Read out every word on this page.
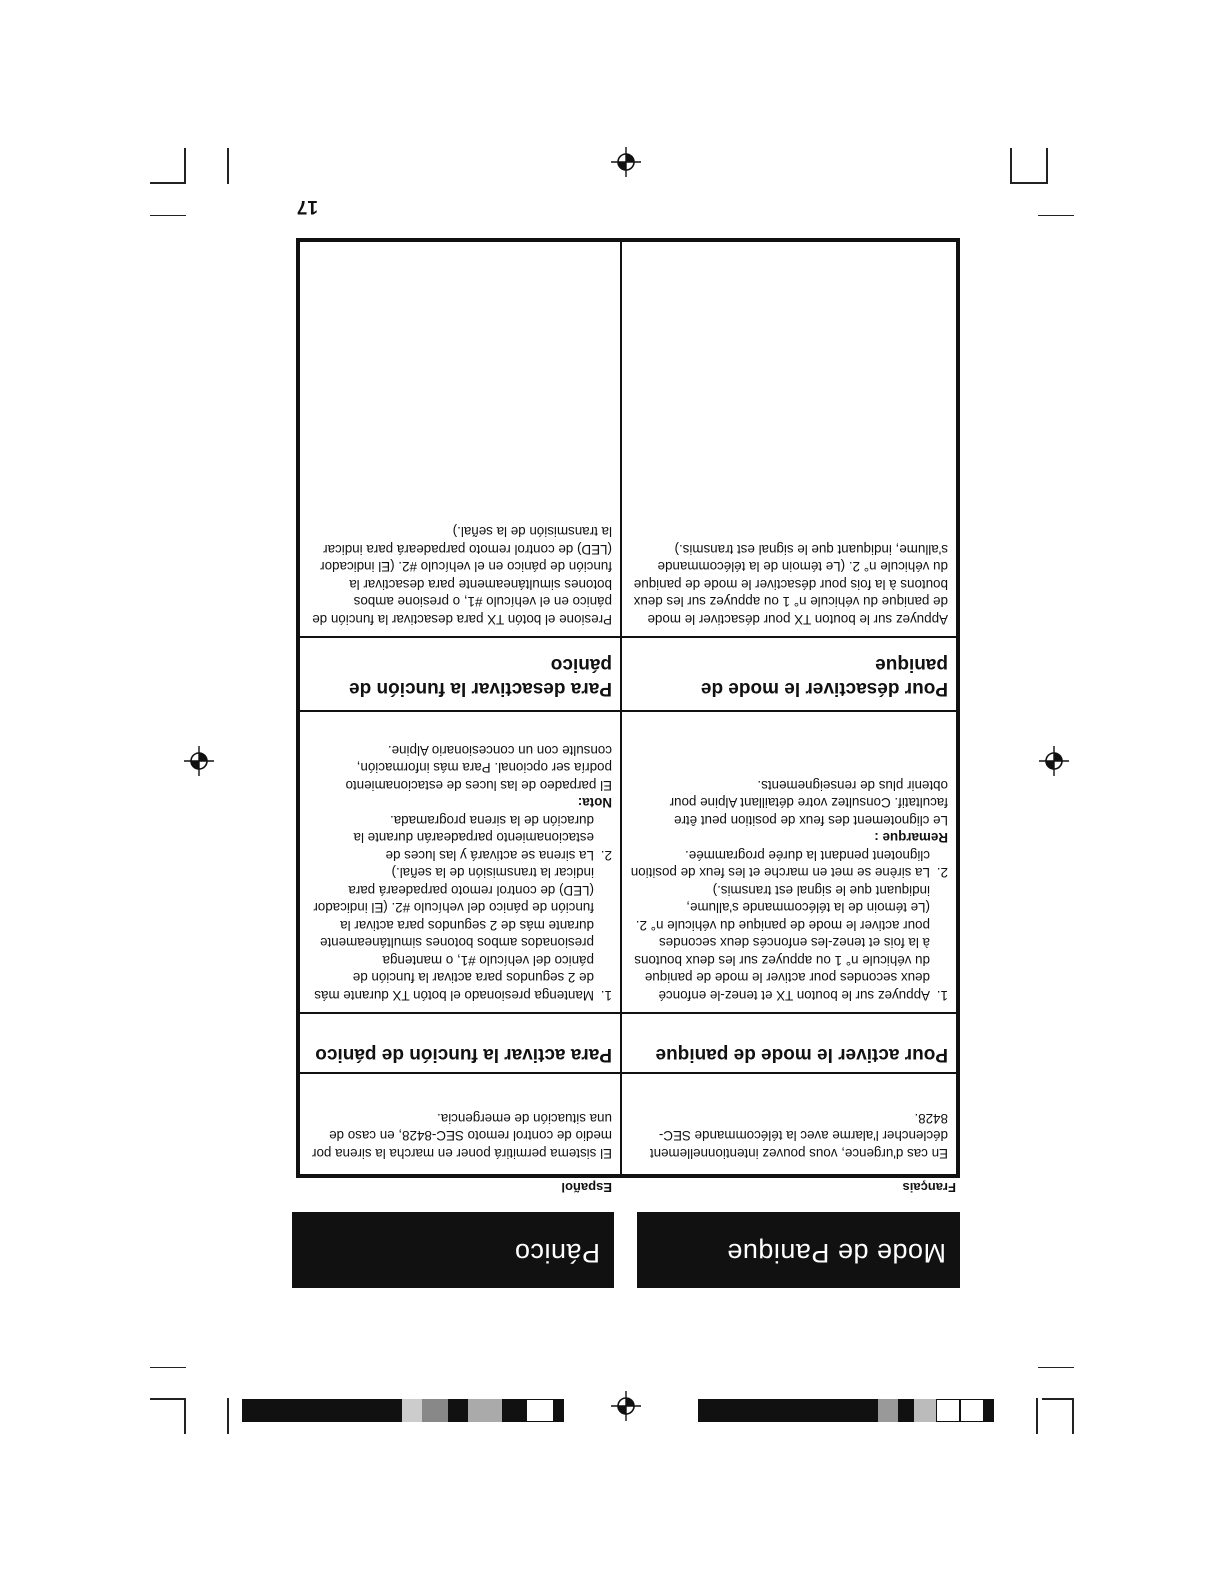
Mode de Panique
Pánico
Français
Español
En cas d'urgence, vous pouvez intentionnellement déclencher l'alarme avec la télécommande SEC-8428.
Pour activer le mode de panique
1.
Appuyez sur le bouton TX et tenez-le enfoncé deux secondes pour activer le mode de panique du véhicule n° 1 ou appuyez sur les deux boutons à la fois et tenez-les enfoncés deux secondes pour activer le mode de panique du véhicule n° 2. (Le témoin de la télécommande s'allume, indiquant que le signal est transmis.)
2.
La sirène se met en marche et les feux de position clignotent pendant la durée programmée.

Remarque :

Le clignotement des feux de position peut être facultatif. Consultez votre détaillant Alpine pour obtenir plus de renseignements.

Pour désactiver le mode de panique
Appuyez sur le bouton TX pour désactiver le mode de panique du véhicule n° 1 ou appuyez sur les deux boutons à la fois pour désactiver le mode de panique du véhicule n° 2. (Le témoin de la télécommande s'allume, indiquant que le signal est transmis.)
El sistema permitirá poner en marcha la sirena por medio de control remoto SEC-8428, en caso de una situación de emergencia.
Para activar la función de pánico
1.
Mantenga presionado el botón TX durante más de 2 segundos para activar la función de pánico del vehículo #1, o mantenga presionados ambos botones simultáneamente durante más de 2 segundos para activar la función de pánico del vehículo #2. (El indicador (LED) de control remoto parpadeará para indicar la transmisión de la señal.)
2.
La sirena se activará y las luces de estacionamiento parpadearán durante la duración de la sirena programada.

Nota:

El parpadeo de las luces de estacionamiento podría ser opcional. Para más información, consulte con un concesionario Alpine.

Para desactivar la función de pánico
Presione el botón TX para desactivar la función de pánico en el vehículo #1, o presione ambos botones simultáneamente para desactivar la función de pánico en el vehículo #2. (El indicador (LED) de control remoto parpadeará para indicar la transmisión de la señal.)
17
